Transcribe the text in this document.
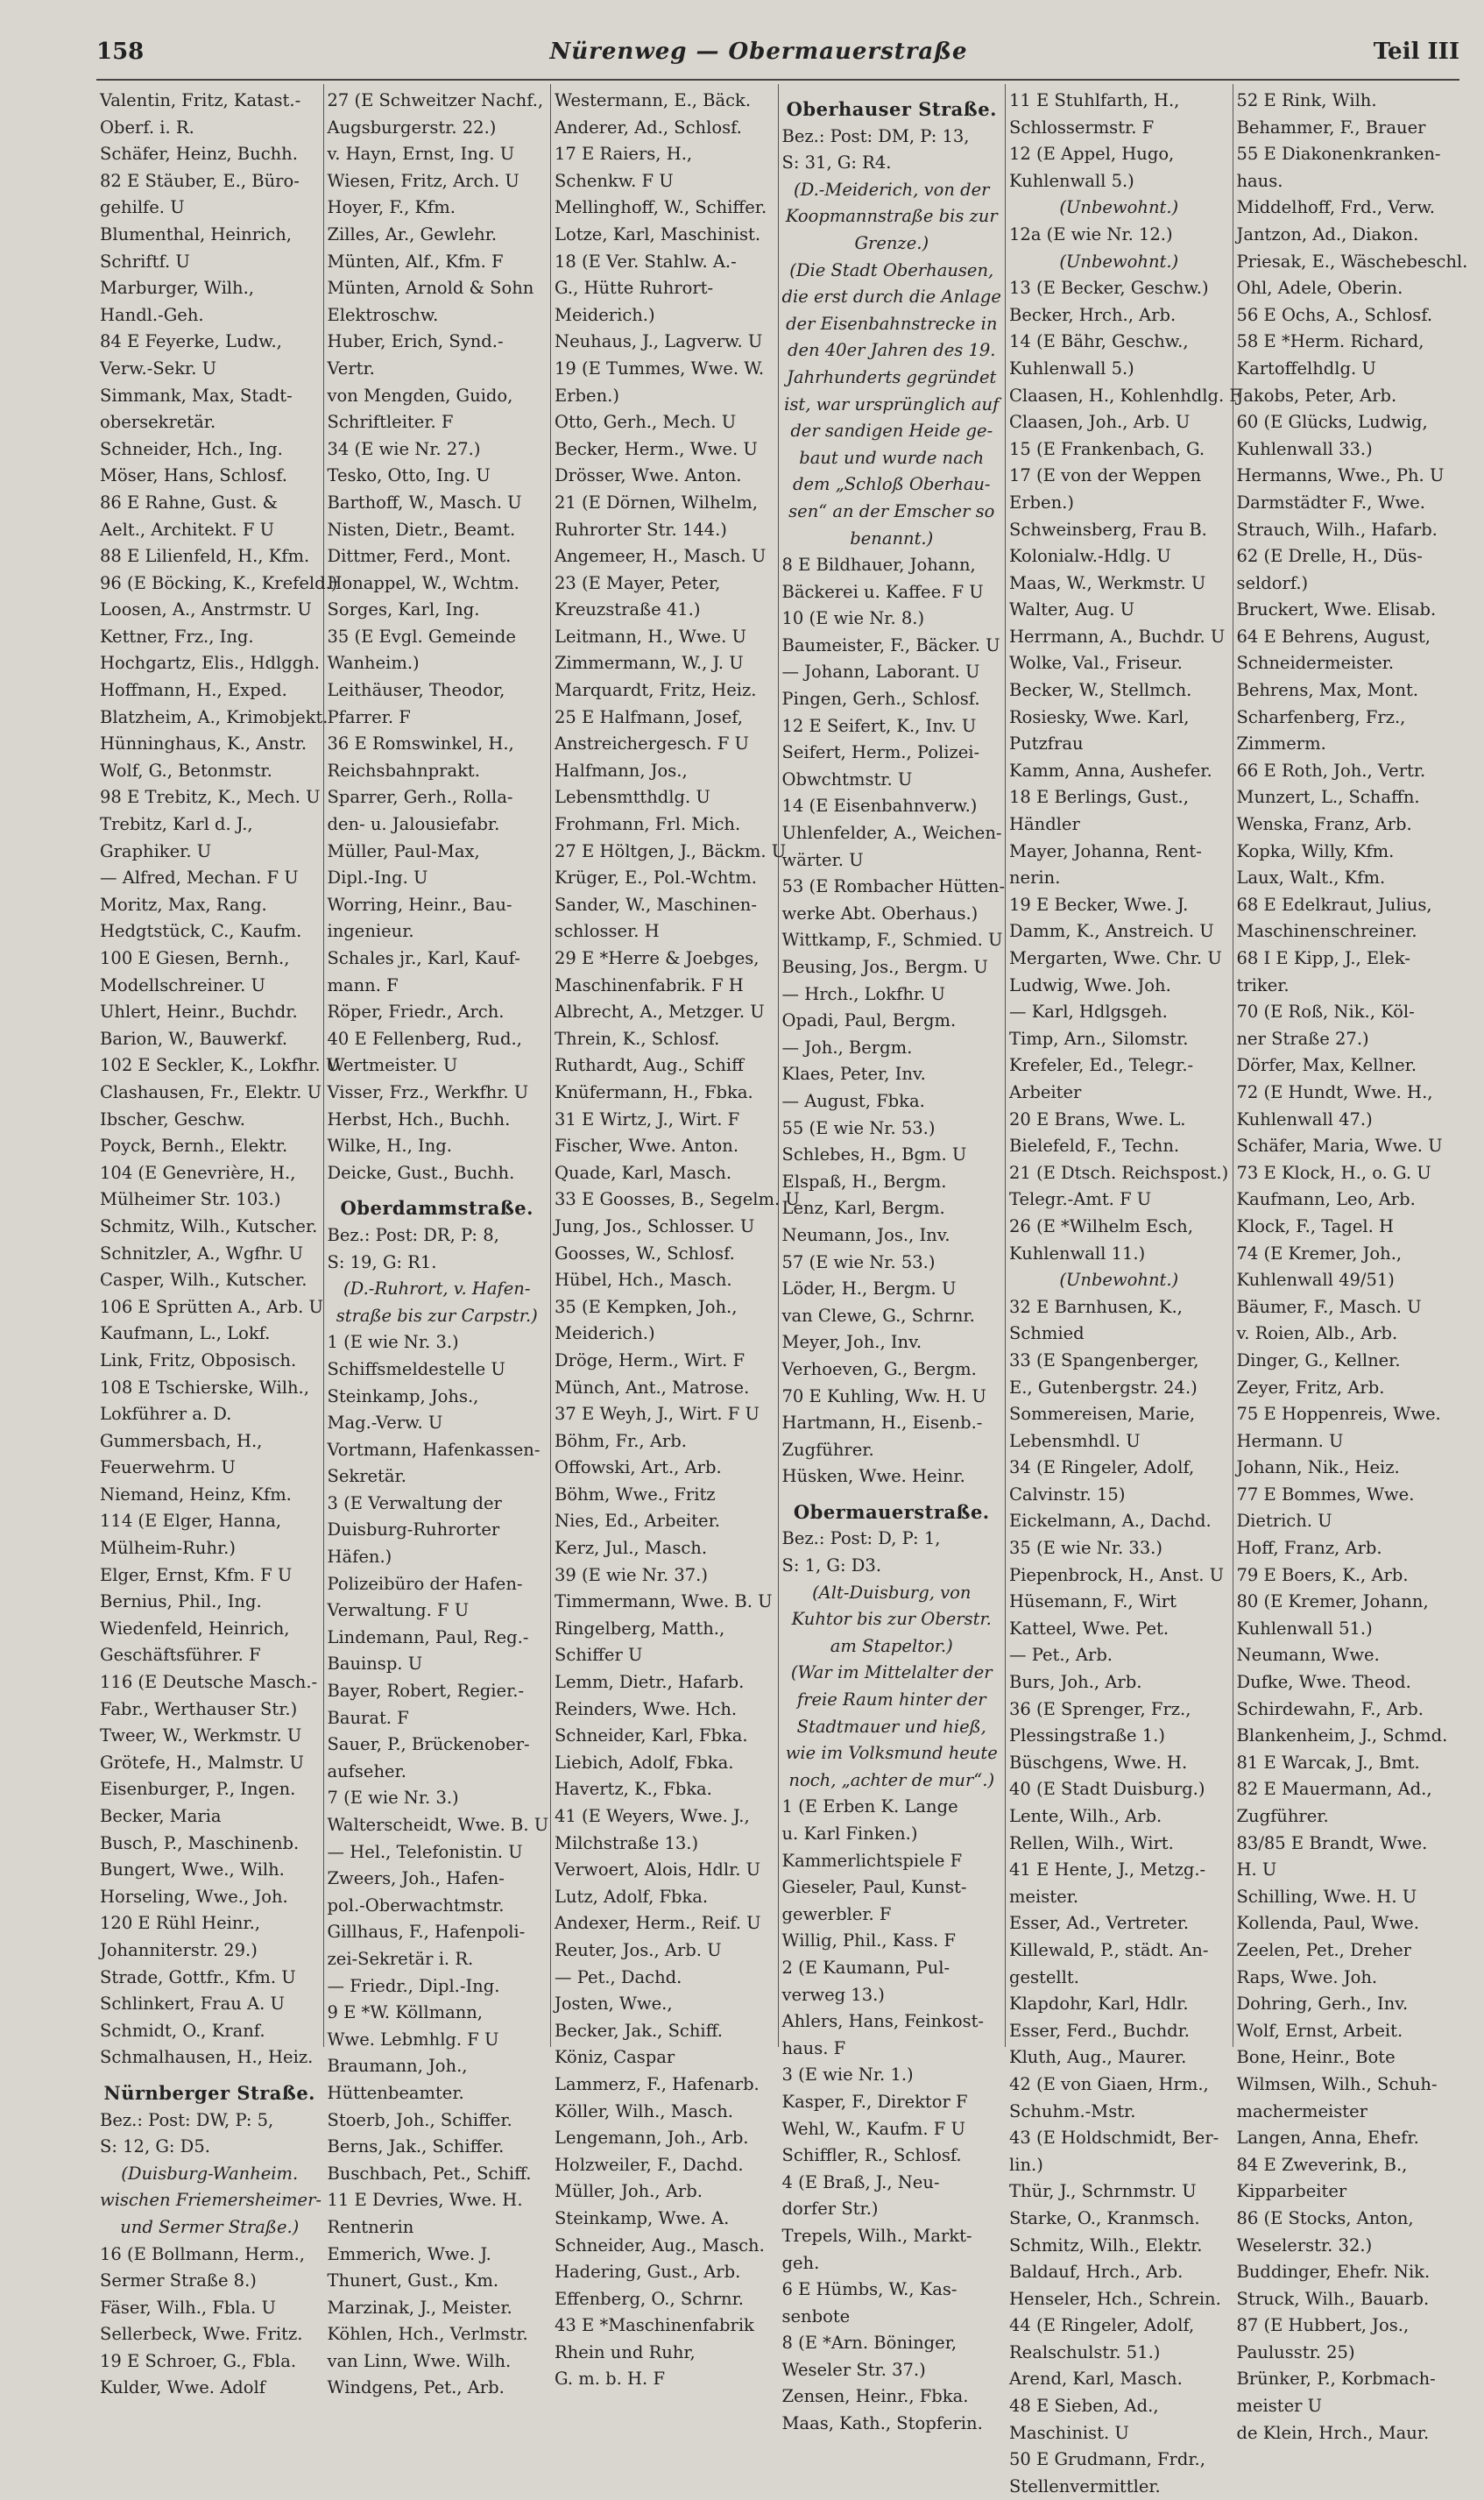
158	Nürenweg — Obermauerstraße	Teil III
Valentin, Fritz, Katast.-
Oberf. i. R.
Schäfer, Heinz, Buchh.
82 E Stäuber, E., Büro-
gehilfe. U
Blumenthal, Heinrich,
Schriftf. U
Marburger, Wilh.,
Handl.-Geh.
84 E Feyerke, Ludw.,
Verw.-Sekr. U
Simmank, Max, Stadt-
obersekretär.
Schneider, Hch., Ing.
Möser, Hans, Schlosf.
86 E Rahne, Gust. &
Aelt., Architekt. F U
88 E Lilienfeld, H., Kfm.
96 (E Böcking, K., Krefeld.)
Loosen, A., Anstrmstr. U
Kettner, Frz., Ing.
Hochgartz, Elis., Hdlggh.
Hoffmann, H., Exped.
Blatzheim, A., Krimobjekt.
Hünninghaus, K., Anstr.
Wolf, G., Betonmstr.
98 E Trebitz, K., Mech. U
Trebitz, Karl d. J.,
Graphiker. U
— Alfred, Mechan. F U
Moritz, Max, Rang.
Hedgtstück, C., Kaufm.
100 E Giesen, Bernh.,
Modellschreiner. U
Uhlert, Heinr., Buchdr.
Barion, W., Bauwerkf.
102 E Seckler, K., Lokfhr. U
Clashausen, Fr., Elektr. U
Ibscher, Geschw.
Poyck, Bernh., Elektr.
104 (E Genevrière, H.,
Mülheimer Str. 103.)
Schmitz, Wilh., Kutscher.
Schnitzler, A., Wgfhr. U
Casper, Wilh., Kutscher.
106 E Sprütten A., Arb. U
Kaufmann, L., Lokf.
Link, Fritz, Obposisch.
108 E Tschierske, Wilh.,
Lokführer a. D.
Gummersbach, H.,
Feuerwehrm. U
Niemand, Heinz, Kfm.
114 (E Elger, Hanna,
Mülheim-Ruhr.)
Elger, Ernst, Kfm. F U
Bernius, Phil., Ing.
Wiedenfeld, Heinrich,
Geschäftsführer. F
116 (E Deutsche Masch.-
Fabr., Werthauser Str.)
Tweer, W., Werkmstr. U
Grötefe, H., Malmstr. U
Eisenburger, P., Ingen.
Becker, Maria
Busch, P., Maschinenb.
Bungert, Wwe., Wilh.
Horseling, Wwe., Joh.
120 E Rühl Heinr.,
Johanniterstr. 29.)
Strade, Gottfr., Kfm. U
Schlinkert, Frau A. U
Schmidt, O., Kranf.
Schmalhausen, H., Heiz.
Nürnberger Straße.
Bez.: Post: DW, P: 5,
S: 12, G: D5.
(Duisburg-Wanheim.
wischen Friemersheimer-
und Sermer Straße.)
16 (E Bollmann, Herm.,
Sermer Straße 8.)
Fäser, Wilh., Fbla. U
Sellerbeck, Wwe. Fritz.
19 E Schroer, G., Fbla.
Kulder, Wwe. Adolf
27 (E Schweitzer Nachf.,
Augsburgerstr. 22.)
v. Hayn, Ernst, Ing. U
Wiesen, Fritz, Arch. U
Hoyer, F., Kfm.
Zilles, Ar., Gewlehr.
Münten, Alf., Kfm. F
Münten, Arnold & Sohn
Elektroschw.
Huber, Erich, Synd.-
Vertr.
von Mengden, Guido,
Schriftleiter. F
34 (E wie Nr. 27.)
Tesko, Otto, Ing. U
Barthoff, W., Masch. U
Nisten, Dietr., Beamt.
Dittmer, Ferd., Mont.
Honappel, W., Wchtm.
Sorges, Karl, Ing.
35 (E Evgl. Gemeinde
Wanheim.)
Leithäuser, Theodor,
Pfarrer. F
36 E Romswinkel, H.,
Reichsbahnprakt.
Sparrer, Gerh., Rolla-
den- u. Jalousiefabr.
Müller, Paul-Max,
Dipl.-Ing. U
Worring, Heinr., Bau-
ingenieur.
Schales jr., Karl, Kauf-
mann. F
Röper, Friedr., Arch.
40 E Fellenberg, Rud.,
Wertmeister. U
Visser, Frz., Werkfhr. U
Herbst, Hch., Buchh.
Wilke, H., Ing.
Deicke, Gust., Buchh.
Oberdammstraße.
Bez.: Post: DR, P: 8,
S: 19, G: R1.
(D.-Ruhrort, v. Hafen-
straße bis zur Carpstr.)
1 (E wie Nr. 3.)
Schiffsmeldestelle U
Steinkamp, Johs.,
Mag.-Verw. U
Vortmann, Hafenkassen-
Sekretär.
3 (E Verwaltung der
Duisburg-Ruhrorter
Häfen.)
Polizeibüro der Hafen-
Verwaltung. F U
Lindemann, Paul, Reg.-
Bauinsp. U
Bayer, Robert, Regier.-
Baurat. F
Sauer, P., Brückenober-
aufseher.
7 (E wie Nr. 3.)
Walterscheidt, Wwe. B. U
— Hel., Telefonistin. U
Zweers, Joh., Hafen-
pol.-Oberwachtmstr.
Gillhaus, F., Hafenpoli-
zei-Sekretär i. R.
— Friedr., Dipl.-Ing.
9 E *W. Köllmann,
Wwe. Lebmhlg. F U
Braumann, Joh.,
Hüttenbeamter.
Stoerb, Joh., Schiffer.
Berns, Jak., Schiffer.
Buschbach, Pet., Schiff.
11 E Devries, Wwe. H.
Rentnerin
Emmerich, Wwe. J.
Thunert, Gust., Km.
Marzinak, J., Meister.
Köhlen, Hch., Verlmstr.
van Linn, Wwe. Wilh.
Windgens, Pet., Arb.
Westermann, E., Bäck.
Anderer, Ad., Schlosf.
17 E Raiers, H.,
Schenkw. F U
Mellinghoff, W., Schiffer.
Lotze, Karl, Maschinist.
18 (E Ver. Stahlw. A.-
G., Hütte Ruhrort-
Meiderich.)
Neuhaus, J., Lagverw. U
19 (E Tummes, Wwe. W.
Erben.)
Otto, Gerh., Mech. U
Becker, Herm., Wwe. U
Drösser, Wwe. Anton.
21 (E Dörnen, Wilhelm,
Ruhrorter Str. 144.)
Angemeer, H., Masch. U
23 (E Mayer, Peter,
Kreuzstraße 41.)
Leitmann, H., Wwe. U
Zimmermann, W., J. U
Marquardt, Fritz, Heiz.
25 E Halfmann, Josef,
Anstreichergesch. F U
Halfmann, Jos.,
Lebensmtthdlg. U
Frohmann, Frl. Mich.
27 E Höltgen, J., Bäckm. U
Krüger, E., Pol.-Wchtm.
Sander, W., Maschinen-
schlosser. H
29 E *Herre & Joebges,
Maschinenfabrik. F H
Albrecht, A., Metzger. U
Threin, K., Schlosf.
Ruthardt, Aug., Schiff
Knüfermann, H., Fbka.
31 E Wirtz, J., Wirt. F
Fischer, Wwe. Anton.
Quade, Karl, Masch.
33 E Goosses, B., Segelm. U
Jung, Jos., Schlosser. U
Goosses, W., Schlosf.
Hübel, Hch., Masch.
35 (E Kempken, Joh.,
Meiderich.)
Dröge, Herm., Wirt. F
Münch, Ant., Matrose.
37 E Weyh, J., Wirt. F U
Böhm, Fr., Arb.
Offowski, Art., Arb.
Böhm, Wwe., Fritz
Nies, Ed., Arbeiter.
Kerz, Jul., Masch.
39 (E wie Nr. 37.)
Timmermann, Wwe. B. U
Ringelberg, Matth.,
Schiffer U
Lemm, Dietr., Hafarb.
Reinders, Wwe. Hch.
Schneider, Karl, Fbka.
Liebich, Adolf, Fbka.
Havertz, K., Fbka.
41 (E Weyers, Wwe. J.,
Milchstraße 13.)
Verwoert, Alois, Hdlr. U
Lutz, Adolf, Fbka.
Andexer, Herm., Reif. U
Reuter, Jos., Arb. U
— Pet., Dachd.
Josten, Wwe.,
Becker, Jak., Schiff.
Köniz, Caspar
Lammerz, F., Hafenarb.
Köller, Wilh., Masch.
Lengemann, Joh., Arb.
Holzweiler, F., Dachd.
Müller, Joh., Arb.
Steinkamp, Wwe. A.
Schneider, Aug., Masch.
Hadering, Gust., Arb.
Effenberg, O., Schrnr.
43 E *Maschinenfabrik
Rhein und Ruhr,
G. m. b. H. F
Oberhauser Straße.
Bez.: Post: DM, P: 13,
S: 31, G: R4.
(D.-Meiderich, von der
Koopmannstraße bis zur
Grenze.)
(Die Stadt Oberhausen,
die erst durch die Anlage
der Eisenbahnstrecke in
den 40er Jahren des 19.
Jahrhunderts gegründet
ist, war ursprünglich auf
der sandigen Heide ge-
baut und wurde nach
dem „Schloß Oberhau-
sen“ an der Emscher so
benannt.)
8 E Bildhauer, Johann,
Bäckerei u. Kaffee. F U
10 (E wie Nr. 8.)
Baumeister, F., Bäcker. U
— Johann, Laborant. U
Pingen, Gerh., Schlosf.
12 E Seifert, K., Inv. U
Seifert, Herm., Polizei-
Obwchtmstr. U
14 (E Eisenbahnverw.)
Uhlenfelder, A., Weichen-
wärter. U
53 (E Rombacher Hütten-
werke Abt. Oberhaus.)
Wittkamp, F., Schmied. U
Beusing, Jos., Bergm. U
— Hrch., Lokfhr. U
Opadi, Paul, Bergm.
— Joh., Bergm.
Klaes, Peter, Inv.
— August, Fbka.
55 (E wie Nr. 53.)
Schlebes, H., Bgm. U
Elspaß, H., Bergm.
Lenz, Karl, Bergm.
Neumann, Jos., Inv.
57 (E wie Nr. 53.)
Löder, H., Bergm. U
van Clewe, G., Schrnr.
Meyer, Joh., Inv.
Verhoeven, G., Bergm.
70 E Kuhling, Ww. H. U
Hartmann, H., Eisenb.-
Zugführer.
Hüsken, Wwe. Heinr.
Obermauerstraße.
Bez.: Post: D, P: 1,
S: 1, G: D3.
(Alt-Duisburg, von
Kuhtor bis zur Oberstr.
am Stapeltor.)
(War im Mittelalter der
freie Raum hinter der
Stadtmauer und hieß,
wie im Volksmund heute
noch, „achter de mur“.)
1 (E Erben K. Lange
u. Karl Finken.)
Kammerlichtspiele F
Gieseler, Paul, Kunst-
gewerbler. F
Willig, Phil., Kass. F
2 (E Kaumann, Pul-
verweg 13.)
Ahlers, Hans, Feinkost-
haus. F
3 (E wie Nr. 1.)
Kasper, F., Direktor F
Wehl, W., Kaufm. F U
Schiffler, R., Schlosf.
4 (E Braß, J., Neu-
dorfer Str.)
Trepels, Wilh., Markt-
geh.
6 E Hümbs, W., Kas-
senbote
8 (E *Arn. Böninger,
Weseler Str. 37.)
Zensen, Heinr., Fbka.
Maas, Kath., Stopferin.
11 E Stuhlfarth, H.,
Schlossermstr. F
12 (E Appel, Hugo,
Kuhlenwall 5.)
(Unbewohnt.)
12a (E wie Nr. 12.)
(Unbewohnt.)
13 (E Becker, Geschw.)
Becker, Hrch., Arb.
14 (E Bähr, Geschw.,
Kuhlenwall 5.)
Claasen, H., Kohlenhdlg. F
Claasen, Joh., Arb. U
15 (E Frankenbach, G.
17 (E von der Weppen
Erben.)
Schweinsberg, Frau B.
Kolonialw.-Hdlg. U
Maas, W., Werkmstr. U
Walter, Aug. U
Herrmann, A., Buchdr. U
Wolke, Val., Friseur.
Becker, W., Stellmch.
Rosiesky, Wwe. Karl,
Putzfrau
Kamm, Anna, Aushefer.
18 E Berlings, Gust.,
Händler
Mayer, Johanna, Rent-
nerin.
19 E Becker, Wwe. J.
Damm, K., Anstreich. U
Mergarten, Wwe. Chr. U
Ludwig, Wwe. Joh.
— Karl, Hdlgsgeh.
Timp, Arn., Silomstr.
Krefeler, Ed., Telegr.-
Arbeiter
20 E Brans, Wwe. L.
Bielefeld, F., Techn.
21 (E Dtsch. Reichspost.)
Telegr.-Amt. F U
26 (E *Wilhelm Esch,
Kuhlenwall 11.)
(Unbewohnt.)
32 E Barnhusen, K.,
Schmied
33 (E Spangenberger,
E., Gutenbergstr. 24.)
Sommereisen, Marie,
Lebensmhdl. U
34 (E Ringeler, Adolf,
Calvinstr. 15)
Eickelmann, A., Dachd.
35 (E wie Nr. 33.)
Piepenbrock, H., Anst. U
Hüsemann, F., Wirt
Katteel, Wwe. Pet.
— Pet., Arb.
Burs, Joh., Arb.
36 (E Sprenger, Frz.,
Plessingstraße 1.)
Büschgens, Wwe. H.
40 (E Stadt Duisburg.)
Lente, Wilh., Arb.
Rellen, Wilh., Wirt.
41 E Hente, J., Metzg.-
meister.
Esser, Ad., Vertreter.
Killewald, P., städt. An-
gestellt.
Klapdohr, Karl, Hdlr.
Esser, Ferd., Buchdr.
Kluth, Aug., Maurer.
42 (E von Giaen, Hrm.,
Schuhm.-Mstr.
43 (E Holdschmidt, Ber-
lin.)
Thür, J., Schrnmstr. U
Starke, O., Kranmsch.
Schmitz, Wilh., Elektr.
Baldauf, Hrch., Arb.
Henseler, Hch., Schrein.
44 (E Ringeler, Adolf,
Realschulstr. 51.)
Arend, Karl, Masch.
48 E Sieben, Ad.,
Maschinist. U
50 E Grudmann, Frdr.,
Stellenvermittler.
52 E Rink, Wilh.
Behammer, F., Brauer
55 E Diakonenkranken-
haus.
Middelhoff, Frd., Verw.
Jantzon, Ad., Diakon.
Priesak, E., Wäschebeschl.
Ohl, Adele, Oberin.
56 E Ochs, A., Schlosf.
58 E *Herm. Richard,
Kartoffelhdlg. U
Jakobs, Peter, Arb.
60 (E Glücks, Ludwig,
Kuhlenwall 33.)
Hermanns, Wwe., Ph. U
Darmstädter F., Wwe.
Strauch, Wilh., Hafarb.
62 (E Drelle, H., Düs-
seldorf.)
Bruckert, Wwe. Elisab.
64 E Behrens, August,
Schneidermeister.
Behrens, Max, Mont.
Scharfenberg, Frz.,
Zimmerm.
66 E Roth, Joh., Vertr.
Munzert, L., Schaffn.
Wenska, Franz, Arb.
Kopka, Willy, Kfm.
Laux, Walt., Kfm.
68 E Edelkraut, Julius,
Maschinenschreiner.
68 I E Kipp, J., Elek-
triker.
70 (E Roß, Nik., Köl-
ner Straße 27.)
Dörfer, Max, Kellner.
72 (E Hundt, Wwe. H.,
Kuhlenwall 47.)
Schäfer, Maria, Wwe. U
73 E Klock, H., o. G. U
Kaufmann, Leo, Arb.
Klock, F., Tagel. H
74 (E Kremer, Joh.,
Kuhlenwall 49/51)
Bäumer, F., Masch. U
v. Roien, Alb., Arb.
Dinger, G., Kellner.
Zeyer, Fritz, Arb.
75 E Hoppenreis, Wwe.
Hermann. U
Johann, Nik., Heiz.
77 E Bommes, Wwe.
Dietrich. U
Hoff, Franz, Arb.
79 E Boers, K., Arb.
80 (E Kremer, Johann,
Kuhlenwall 51.)
Neumann, Wwe.
Dufke, Wwe. Theod.
Schirdewahn, F., Arb.
Blankenheim, J., Schmd.
81 E Warcak, J., Bmt.
82 E Mauermann, Ad.,
Zugführer.
83/85 E Brandt, Wwe.
H. U
Schilling, Wwe. H. U
Kollenda, Paul, Wwe.
Zeelen, Pet., Dreher
Raps, Wwe. Joh.
Dohring, Gerh., Inv.
Wolf, Ernst, Arbeit.
Bone, Heinr., Bote
Wilmsen, Wilh., Schuh-
machermeister
Langen, Anna, Ehefr.
84 E Zweverink, B.,
Kipparbeiter
86 (E Stocks, Anton,
Weselerstr. 32.)
Buddinger, Ehefr. Nik.
Struck, Wilh., Bauarb.
87 (E Hubbert, Jos.,
Paulusstr. 25)
Brünker, P., Korbmach-
meister U
de Klein, Hrch., Maur.
